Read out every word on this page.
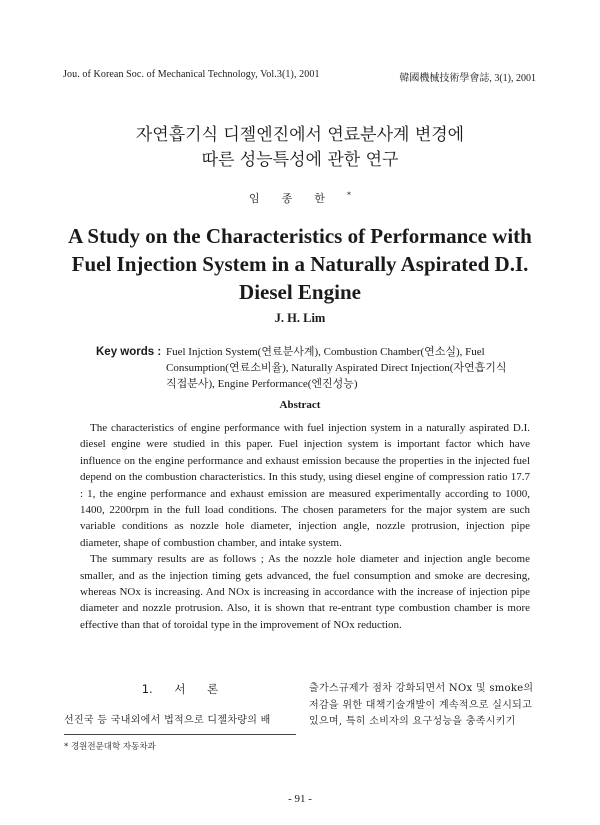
Jou. of Korean Soc. of Mechanical Technology, Vol.3(1), 2001	韓國機械技術學會誌, 3(1), 2001
자연흡기식 디젤엔진에서 연료분사계 변경에
따른 성능특성에 관한 연구
임종한*
A Study on the Characteristics of Performance with
Fuel Injection System in a Naturally Aspirated D.I.
Diesel Engine
J. H. Lim
Key words : Fuel Injction System(연료분사계), Combustion Chamber(연소실), Fuel Consumption(연료소비율), Naturally Aspirated Direct Injection(자연흡기식 직접분사), Engine Performance(엔진성능)
Abstract

The characteristics of engine performance with fuel injection system in a naturally aspirated D.I. diesel engine were studied in this paper. Fuel injection system is important factor which have influence on the engine performance and exhaust emission because the properties in the injected fuel depend on the combustion characteristics. In this study, using diesel engine of compression ratio 17.7 : 1, the engine performance and exhaust emission are measured experimentally according to 1000, 1400, 2200rpm in the full load conditions. The chosen parameters for the major system are such variable conditions as nozzle hole diameter, injection angle, nozzle protrusion, injection pipe diameter, shape of combustion chamber, and intake system.

The summary results are as follows ; As the nozzle hole diameter and injection angle become smaller, and as the injection timing gets advanced, the fuel consumption and smoke are decresing, whereas NOx is increasing. And NOx is increasing in accordance with the increase of injection pipe diameter and nozzle protrusion. Also, it is shown that re-entrant type combustion chamber is more effective than that of toroidal type in the improvement of NOx reduction.

1. 서 론
선진국 등 국내외에서 법적으로 디젤차량의 배
* 경원전문대학 자동차과
출가스규제가 점차 강화되면서 NOx 및 smoke의 저감을 위한 대책기술개발이 계속적으로 실시되고 있으며, 특히 소비자의 요구성능을 충족시키기
- 91 -
